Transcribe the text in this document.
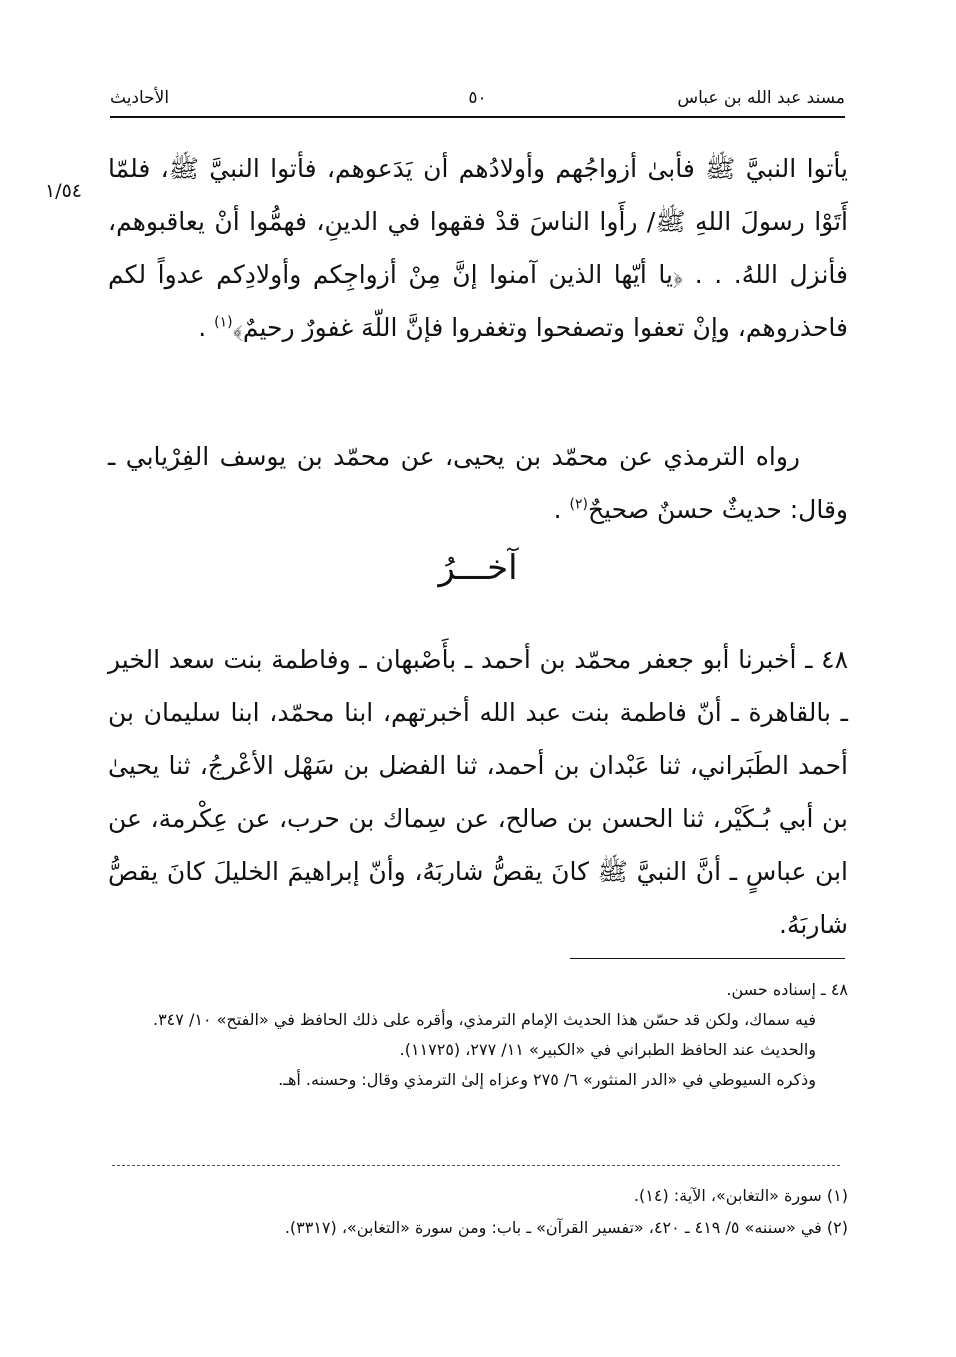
مسند عبد الله بن عباس
٥٠
الأحاديث
١/٥٤

يأتوا النبيَّ ﷺ فأبىٰ أزواجُهم وأولادُهم أن يَدَعوهم، فأتوا النبيَّ ﷺ، فلمّا أَتَوْا رسولَ اللهِ ﷺ/ رأَوا الناسَ قدْ فقهوا في الدينِ، فهمُّوا أنْ يعاقبوهم، فأنزل اللهُ. . . ﴿يا أيّها الذين آمنوا إنَّ مِنْ أزواجِكم وأولادِكم عدواً لكم فاحذروهم، وإنْ تعفوا وتصفحوا وتغفروا فإنَّ اللّهَ غفورٌ رحيمٌ﴾$^{(١)}$ .

رواه الترمذي عن محمّد بن يحيى، عن محمّد بن يوسف الفِرْيابي ـ وقال: حديثٌ حسنٌ صحيحٌ$^{(٢)}$ .

آخـــرُ

٤٨ ـ أخبرنا أبو جعفر محمّد بن أحمد ـ بأَصْبهان ـ وفاطمة بنت سعد الخير ـ بالقاهرة ـ أنّ فاطمة بنت عبد الله أخبرتهم، ابنا محمّد، ابنا سليمان بن أحمد الطَبَراني، ثنا عَبْدان بن أحمد، ثنا الفضل بن سَهْل الأعْرجُ، ثنا يحيىٰ بن أبي بُـكَيْر، ثنا الحسن بن صالح، عن سِماك بن حرب، عن عِكْرمة، عن ابن عباسٍ ـ أنَّ النبيَّ ﷺ كانَ يقصُّ شاربَهُ، وأنّ إبراهيمَ الخليلَ كانَ يقصُّ شاربَهُ.

٤٨ ـ إسناده حسن.

فيه سماك، ولكن قد حسّن هذا الحديث الإمام الترمذي، وأقره على ذلك الحافظ في «الفتح» ١٠/ ٣٤٧.

والحديث عند الحافظ الطبراني في «الكبير» ١١/ ٢٧٧، (١١٧٢٥).

وذكره السيوطي في «الدر المنثور» ٦/ ٢٧٥ وعزاه إلىٰ الترمذي وقال: وحسنه. أهـ.

(١) سورة «التغابن»، الآية: (١٤).

(٢) في «سننه» ٥/ ٤١٩ ـ ٤٢٠، «تفسير القرآن» ـ باب: ومن سورة «التغابن»، (٣٣١٧).
